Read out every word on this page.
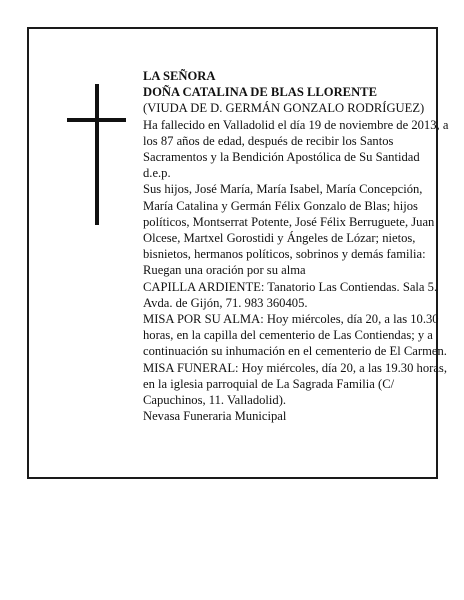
LA SEÑORA

DOÑA CATALINA DE BLAS LLORENTE

(VIUDA DE D. GERMÁN GONZALO RODRÍGUEZ)

Ha fallecido en Valladolid el día 19 de noviembre de 2013, a los 87 años de edad, después de recibir los Santos Sacramentos y la Bendición Apostólica de Su Santidad

d.e.p.

Sus hijos, José María, María Isabel, María Concepción, María Catalina y Germán Félix Gonzalo de Blas; hijos políticos, Montserrat Potente, José Félix Berruguete, Juan Olcese, Martxel Gorostidi y Ángeles de Lózar; nietos, bisnietos, hermanos políticos, sobrinos y demás familia:

Ruegan una oración por su alma

CAPILLA ARDIENTE: Tanatorio Las Contiendas. Sala 5. Avda. de Gijón, 71. 983 360405.

MISA POR SU ALMA: Hoy miércoles, día 20, a las 10.30 horas, en la capilla del cementerio de Las Contiendas; y a continuación su inhumación en el cementerio de El Carmen.

MISA FUNERAL: Hoy miércoles, día 20, a las 19.30 horas, en la iglesia parroquial de La Sagrada Familia (C/ Capuchinos, 11. Valladolid).

Nevasa Funeraria Municipal
